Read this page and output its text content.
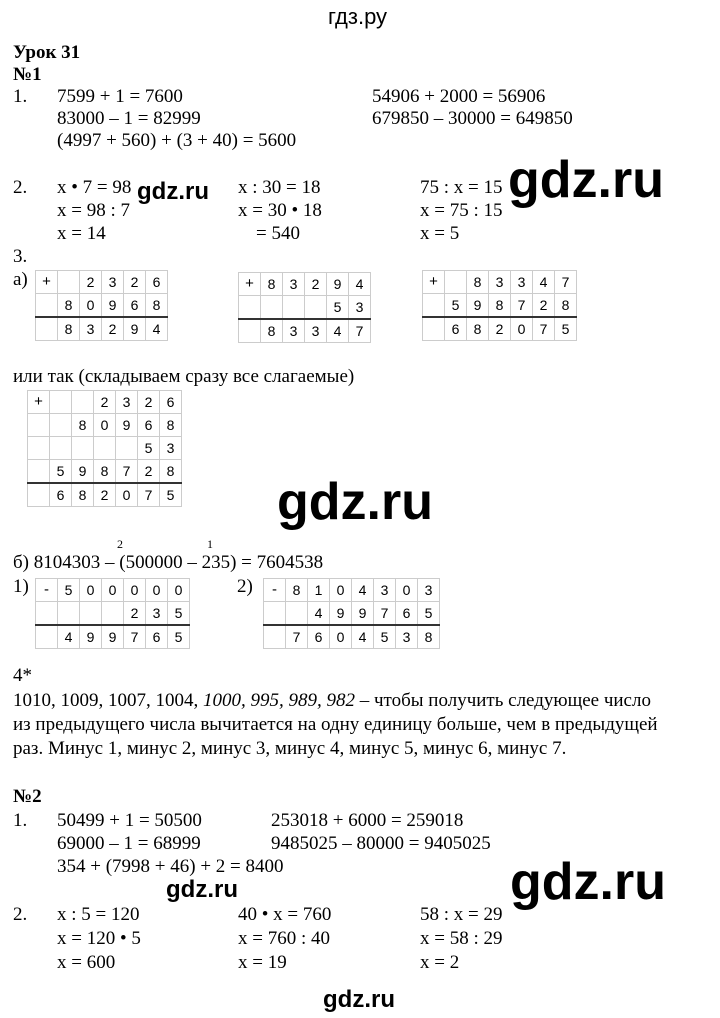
гдз.ру
gdz.ru	gdz.ru
gdz.ru
gdz.ru
gdz.ru
gdz.ru
Урок 31
№1
1. 7599 + 1 = 7600
83000 – 1 = 82999
(4997 + 560) + (3 + 40) = 5600
54906 + 2000 = 56906
679850 – 30000 = 649850
2. x • 7 = 98
x = 98 : 7
x = 14
x : 30 = 18
x = 30 • 18
= 540
75 : x = 15
x = 75 : 15
x = 5
3.
а) +		2	3	2	6
	8	0	9	6	8
	8	3	2	9	4
+	8	3	2	9	4
				5	3
	8	3	3	4	7
+		8	3	3	4	7
	5	9	8	7	2	8
	6	8	2	0	7	5
или так (складываем сразу все слагаемые)
+			2	3	2	6
		8	0	9	6	8
					5	3
	5	9	8	7	2	8
	6	8	2	0	7	5
2	1
б) 8104303 – (500000 – 235) = 7604538
1) -	5	0	0	0	0	0
				2	3	5
	4	9	9	7	6	5
2) -	8	1	0	4	3	0	3
		4	9	9	7	6	5
	7	6	0	4	5	3	8
4*
1010, 1009, 1007, 1004, 1000, 995, 989, 982 – чтобы получить следующее число
из предыдущего числа вычитается на одну единицу больше, чем в предыдущей
раз. Минус 1, минус 2, минус 3, минус 4, минус 5, минус 6, минус 7.
№2
1. 50499 + 1 = 50500
69000 – 1 = 68999
354 + (7998 + 46) + 2 = 8400
253018 + 6000 = 259018
9485025 – 80000 = 9405025
2. x : 5 = 120
x = 120 • 5
x = 600
40 • x = 760
x = 760 : 40
x = 19
58 : x = 29
x = 58 : 29
x = 2
